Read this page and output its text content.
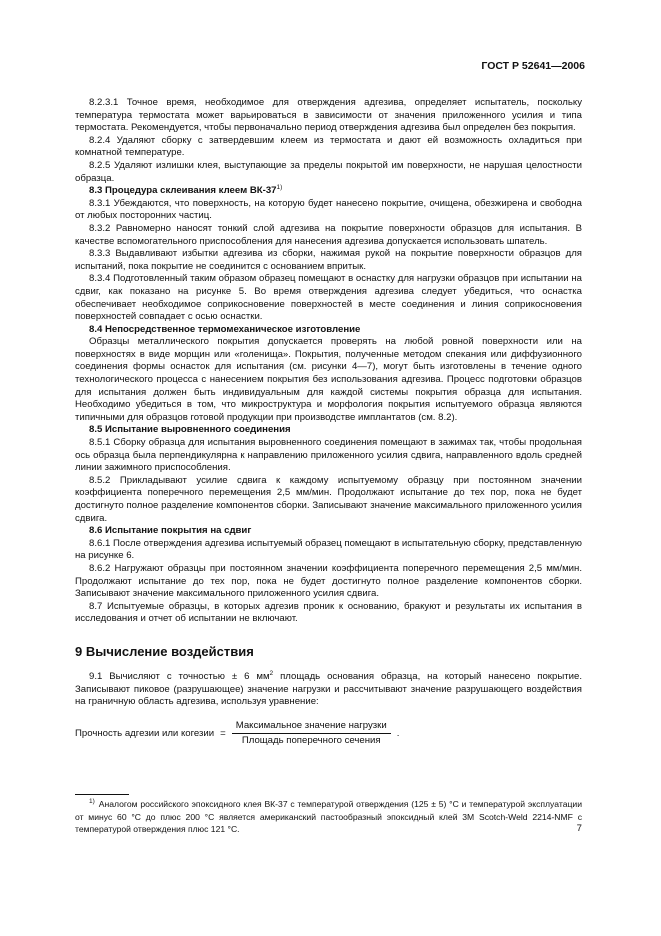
ГОСТ Р 52641—2006

8.2.3.1 Точное время, необходимое для отверждения адгезива, определяет испытатель, поскольку температура термостата может варьироваться в зависимости от значения приложенного усилия и типа термостата. Рекомендуется, чтобы первоначально период отверждения адгезива был определен без покрытия.

8.2.4 Удаляют сборку с затвердевшим клеем из термостата и дают ей возможность охладиться при комнатной температуре.

8.2.5 Удаляют излишки клея, выступающие за пределы покрытой им поверхности, не нарушая целостности образца.

8.3 Процедура склеивания клеем ВК-37$^{1)}$

8.3.1 Убеждаются, что поверхность, на которую будет нанесено покрытие, очищена, обезжирена и свободна от любых посторонних частиц.

8.3.2 Равномерно наносят тонкий слой адгезива на покрытие поверхности образцов для испытания. В качестве вспомогательного приспособления для нанесения адгезива допускается использовать шпатель.

8.3.3 Выдавливают избытки адгезива из сборки, нажимая рукой на покрытие поверхности образцов для испытаний, пока покрытие не соединится с основанием впритык.

8.3.4 Подготовленный таким образом образец помещают в оснастку для нагрузки образцов при испытании на сдвиг, как показано на рисунке 5. Во время отверждения адгезива следует убедиться, что оснастка обеспечивает необходимое соприкосновение поверхностей в месте соединения и линия соприкосновения поверхностей совпадает с осью оснастки.

8.4 Непосредственное термомеханическое изготовление

Образцы металлического покрытия допускается проверять на любой ровной поверхности или на поверхностях в виде морщин или «голенища». Покрытия, полученные методом спекания или диффузионного соединения формы оснасток для испытания (см. рисунки 4—7), могут быть изготовлены в течение одного технологического процесса с нанесением покрытия без использования адгезива. Процесс подготовки образцов для испытания должен быть индивидуальным для каждой системы покрытия образца для испытания. Необходимо убедиться в том, что микроструктура и морфология покрытия испытуемого образца являются типичными для образцов готовой продукции при производстве имплантатов (см. 8.2).

8.5 Испытание выровненного соединения

8.5.1 Сборку образца для испытания выровненного соединения помещают в зажимах так, чтобы продольная ось образца была перпендикулярна к направлению приложенного усилия сдвига, направленного вдоль средней линии зажимного приспособления.

8.5.2 Прикладывают усилие сдвига к каждому испытуемому образцу при постоянном значении коэффициента поперечного перемещения 2,5 мм/мин. Продолжают испытание до тех пор, пока не будет достигнуто полное разделение компонентов сборки. Записывают значение максимального приложенного усилия сдвига.

8.6 Испытание покрытия на сдвиг

8.6.1 После отверждения адгезива испытуемый образец помещают в испытательную сборку, представленную на рисунке 6.

8.6.2 Нагружают образцы при постоянном значении коэффициента поперечного перемещения 2,5 мм/мин. Продолжают испытание до тех пор, пока не будет достигнуто полное разделение компонентов сборки. Записывают значение максимального приложенного усилия сдвига.

8.7 Испытуемые образцы, в которых адгезив проник к основанию, бракуют и результаты их испытания в исследования и отчет об испытании не включают.

9 Вычисление воздействия

9.1 Вычисляют с точностью ± 6 $мм^2$ площадь основания образца, на который нанесено покрытие. Записывают пиковое (разрушающее) значение нагрузки и рассчитывают значение разрушающего воздействия на граничную область адгезива, используя уравнение:

Прочность адгезии или когезии = $\frac{\text{Максимальное значение нагрузки}}{\text{Площадь поперечного сечения}}$ .
$^{1)}$ Аналогом российского эпоксидного клея ВК-37 с температурой отверждения (125 ± 5) °С и температурой эксплуатации от минус 60 °С до плюс 200 °С является американский пастообразный эпоксидный клей 3М Scotch-Weld 2214-NMF с температурой отверждения плюс 121 °С.	7
